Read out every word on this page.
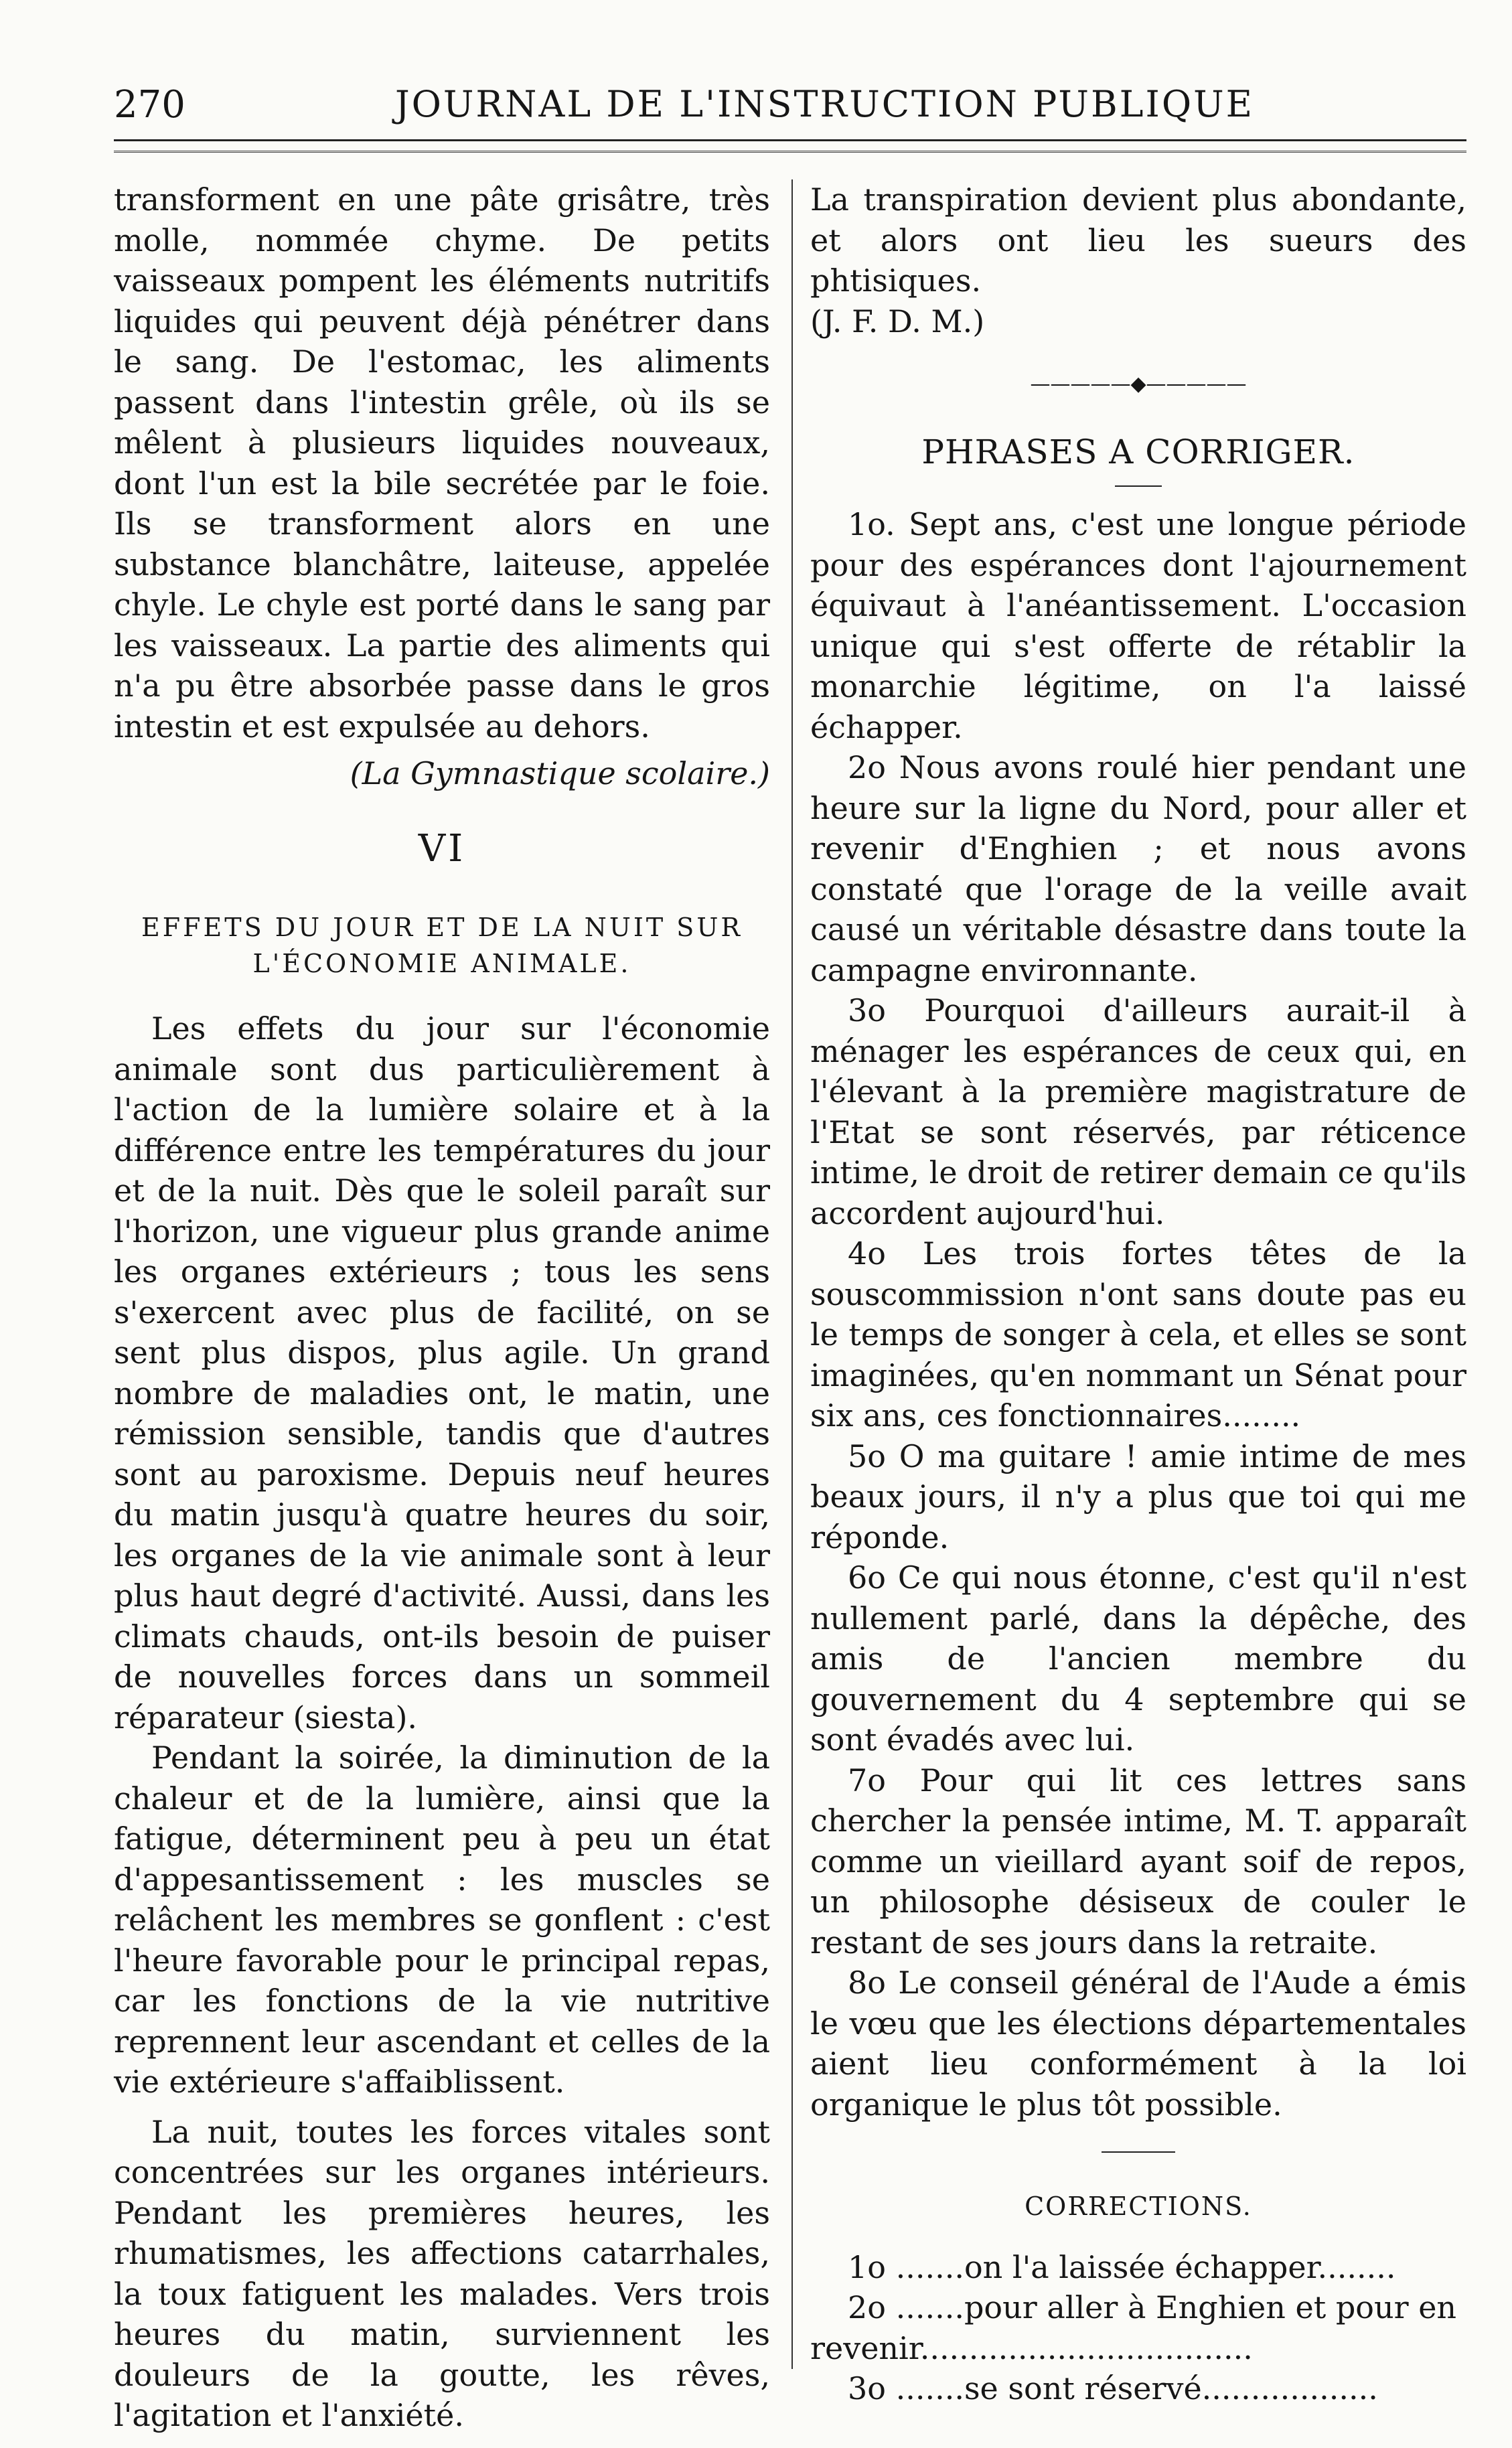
270	JOURNAL DE L'INSTRUCTION PUBLIQUE

transforment en une pâte grisâtre, très molle, nommée chyme. De petits vaisseaux pompent les éléments nutritifs liquides qui peuvent déjà pénétrer dans le sang. De l'estomac, les aliments passent dans l'intestin grêle, où ils se mêlent à plusieurs liquides nouveaux, dont l'un est la bile secrétée par le foie. Ils se transforment alors en une substance blanchâtre, laiteuse, appelée chyle. Le chyle est porté dans le sang par les vaisseaux. La partie des aliments qui n'a pu être absorbée passe dans le gros intestin et est expulsée au dehors.

(La Gymnastique scolaire.)

VI
EFFETS DU JOUR ET DE LA NUIT SUR
L'ÉCONOMIE ANIMALE.

Les effets du jour sur l'économie animale sont dus particulièrement à l'action de la lumière solaire et à la différence entre les températures du jour et de la nuit. Dès que le soleil paraît sur l'horizon, une vigueur plus grande anime les organes extérieurs ; tous les sens s'exercent avec plus de facilité, on se sent plus dispos, plus agile. Un grand nombre de maladies ont, le matin, une rémission sensible, tandis que d'autres sont au paroxisme. Depuis neuf heures du matin jusqu'à quatre heures du soir, les organes de la vie animale sont à leur plus haut degré d'activité. Aussi, dans les climats chauds, ont-ils besoin de puiser de nouvelles forces dans un sommeil réparateur (siesta).

Pendant la soirée, la diminution de la chaleur et de la lumière, ainsi que la fatigue, déterminent peu à peu un état d'appesantissement : les muscles se relâchent les membres se gonflent : c'est l'heure favorable pour le principal repas, car les fonctions de la vie nutritive reprennent leur ascendant et celles de la vie extérieure s'affaiblissent.

La nuit, toutes les forces vitales sont concentrées sur les organes intérieurs. Pendant les premières heures, les rhumatismes, les affections catarrhales, la toux fatiguent les malades. Vers trois heures du matin, surviennent les douleurs de la goutte, les rêves, l'agitation et l'anxiété.

La transpiration devient plus abondante, et alors ont lieu les sueurs des phtisiques.

(J. F. D. M.)

—————◆—————
PHRASES A CORRIGER.

1o. Sept ans, c'est une longue période pour des espérances dont l'ajournement équivaut à l'anéantissement. L'occasion unique qui s'est offerte de rétablir la monarchie légitime, on l'a laissé échapper.

2o Nous avons roulé hier pendant une heure sur la ligne du Nord, pour aller et revenir d'Enghien ; et nous avons constaté que l'orage de la veille avait causé un véritable désastre dans toute la campagne environnante.

3o Pourquoi d'ailleurs aurait-il à ménager les espérances de ceux qui, en l'élevant à la première magistrature de l'Etat se sont réservés, par réticence intime, le droit de retirer demain ce qu'ils accordent aujourd'hui.

4o Les trois fortes têtes de la souscommission n'ont sans doute pas eu le temps de songer à cela, et elles se sont imaginées, qu'en nommant un Sénat pour six ans, ces fonctionnaires........

5o O ma guitare ! amie intime de mes beaux jours, il n'y a plus que toi qui me réponde.

6o Ce qui nous étonne, c'est qu'il n'est nullement parlé, dans la dépêche, des amis de l'ancien membre du gouvernement du 4 septembre qui se sont évadés avec lui.

7o Pour qui lit ces lettres sans chercher la pensée intime, M. T. apparaît comme un vieillard ayant soif de repos, un philosophe désiseux de couler le restant de ses jours dans la retraite.

8o Le conseil général de l'Aude a émis le vœu que les élections départementales aient lieu conformément à la loi organique le plus tôt possible.

CORRECTIONS.

1o .......on l'a laissée échapper........

2o .......pour aller à Enghien et pour en revenir..................................

3o .......se sont réservé..................
